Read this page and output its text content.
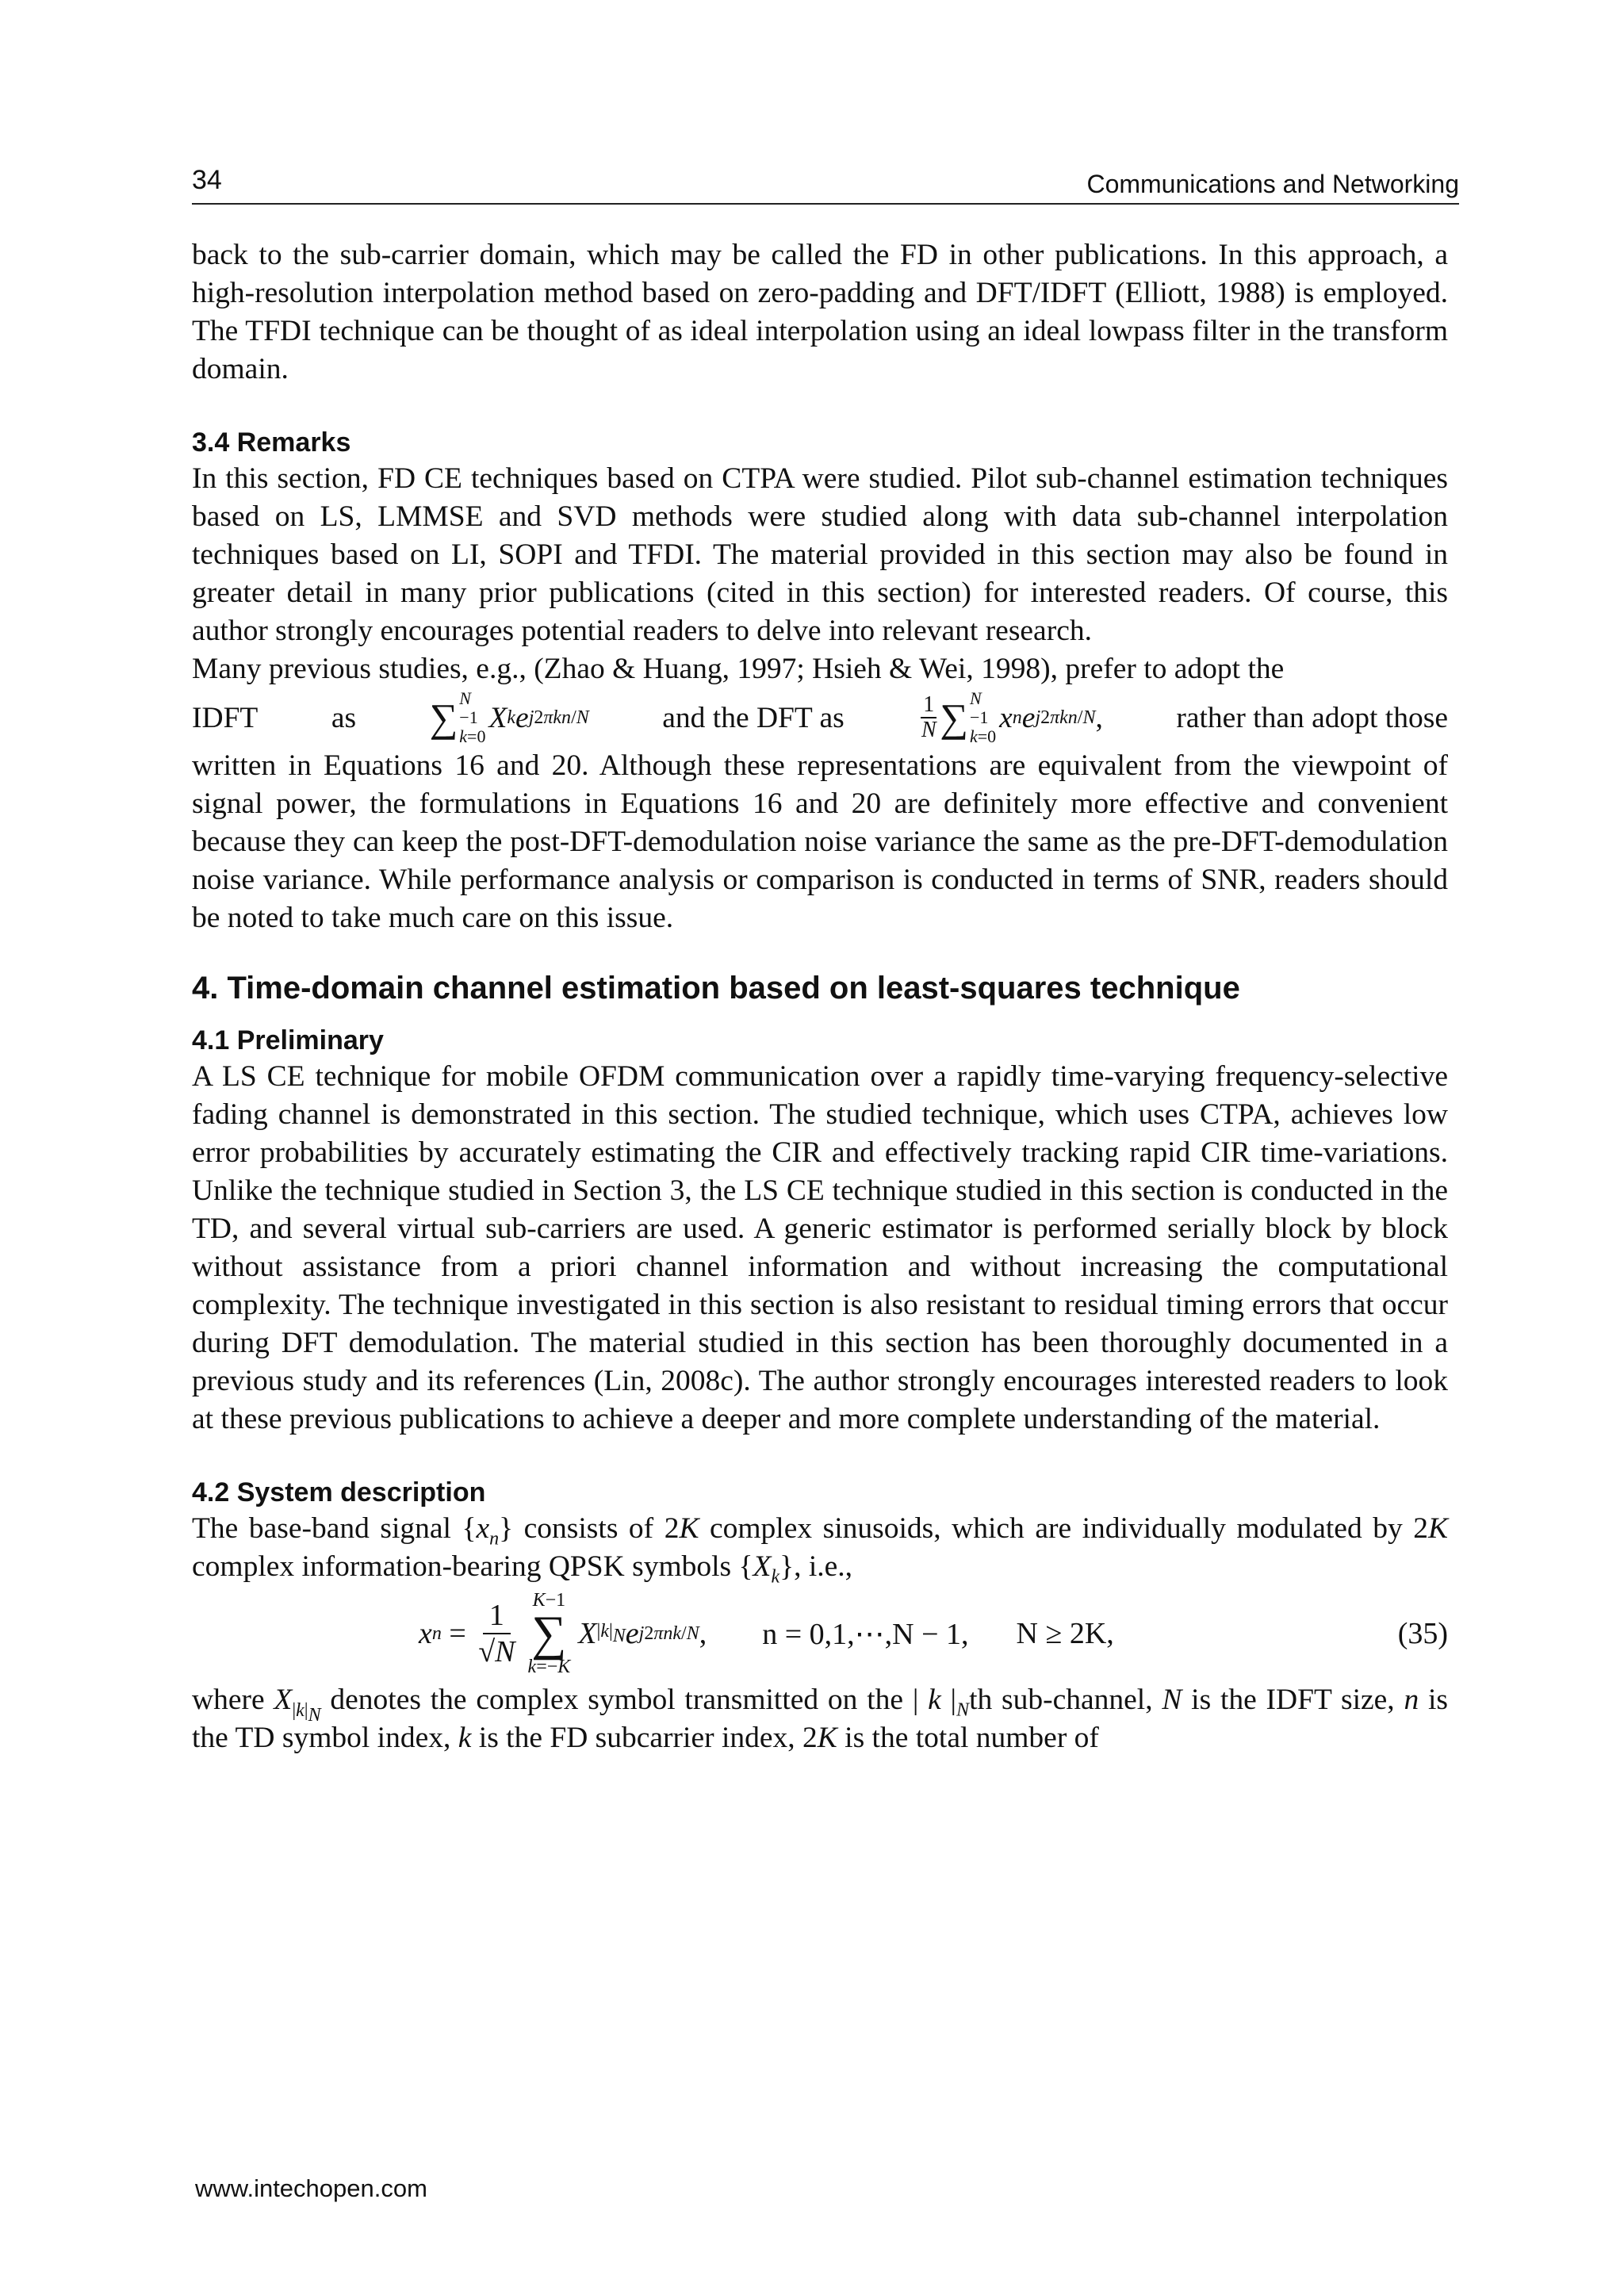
34	Communications and Networking

back to the sub-carrier domain, which may be called the FD in other publications. In this approach, a high-resolution interpolation method based on zero-padding and DFT/IDFT (Elliott, 1988) is employed. The TFDI technique can be thought of as ideal interpolation using an ideal lowpass filter in the transform domain.

3.4 Remarks

In this section, FD CE techniques based on CTPA were studied. Pilot sub-channel estimation techniques based on LS, LMMSE and SVD methods were studied along with data sub-channel interpolation techniques based on LI, SOPI and TFDI. The material provided in this section may also be found in greater detail in many prior publications (cited in this section) for interested readers. Of course, this author strongly encourages potential readers to delve into relevant research.

Many previous studies, e.g., (Zhao & Huang, 1997; Hsieh & Wei, 1998), prefer to adopt the

IDFT as ∑ N
−1
k=0
X k e j2πkn/N and the DFT as	$\frac{1}{N}$ ∑ N
−1
k=0
x n e j2πkn/N , rather than adopt those

written in Equations 16 and 20. Although these representations are equivalent from the viewpoint of signal power, the formulations in Equations 16 and 20 are definitely more effective and convenient because they can keep the post-DFT-demodulation noise variance the same as the pre-DFT-demodulation noise variance. While performance analysis or comparison is conducted in terms of SNR, readers should be noted to take much care on this issue.

4. Time-domain channel estimation based on least-squares technique
4.1 Preliminary

A LS CE technique for mobile OFDM communication over a rapidly time-varying frequency-selective fading channel is demonstrated in this section. The studied technique, which uses CTPA, achieves low error probabilities by accurately estimating the CIR and effectively tracking rapid CIR time-variations. Unlike the technique studied in Section 3, the LS CE technique studied in this section is conducted in the TD, and several virtual sub-carriers are used. A generic estimator is performed serially block by block without assistance from a priori channel information and without increasing the computational complexity. The technique investigated in this section is also resistant to residual timing errors that occur during DFT demodulation. The material studied in this section has been thoroughly documented in a previous study and its references (Lin, 2008c). The author strongly encourages interested readers to look at these previous publications to achieve a deeper and more complete understanding of the material.

4.2 System description

The base-band signal $\{x_n\}$ consists of 2K complex sinusoids, which are individually modulated by 2K complex information-bearing QPSK symbols $\{X_k\}$, i.e.,

x n =
1
√N
K−1
∑
k=−K
X $|k|_N$ e j2πnk/N , n = 0,1,⋯,N − 1, N ≥ 2K,	(35)

where $X_{|k|_N}$ denotes the complex symbol transmitted on the | k $|_Nth$ sub-channel, N is the IDFT size, n is the TD symbol index, k is the FD subcarrier index, 2K is the total number of

www.intechopen.com
